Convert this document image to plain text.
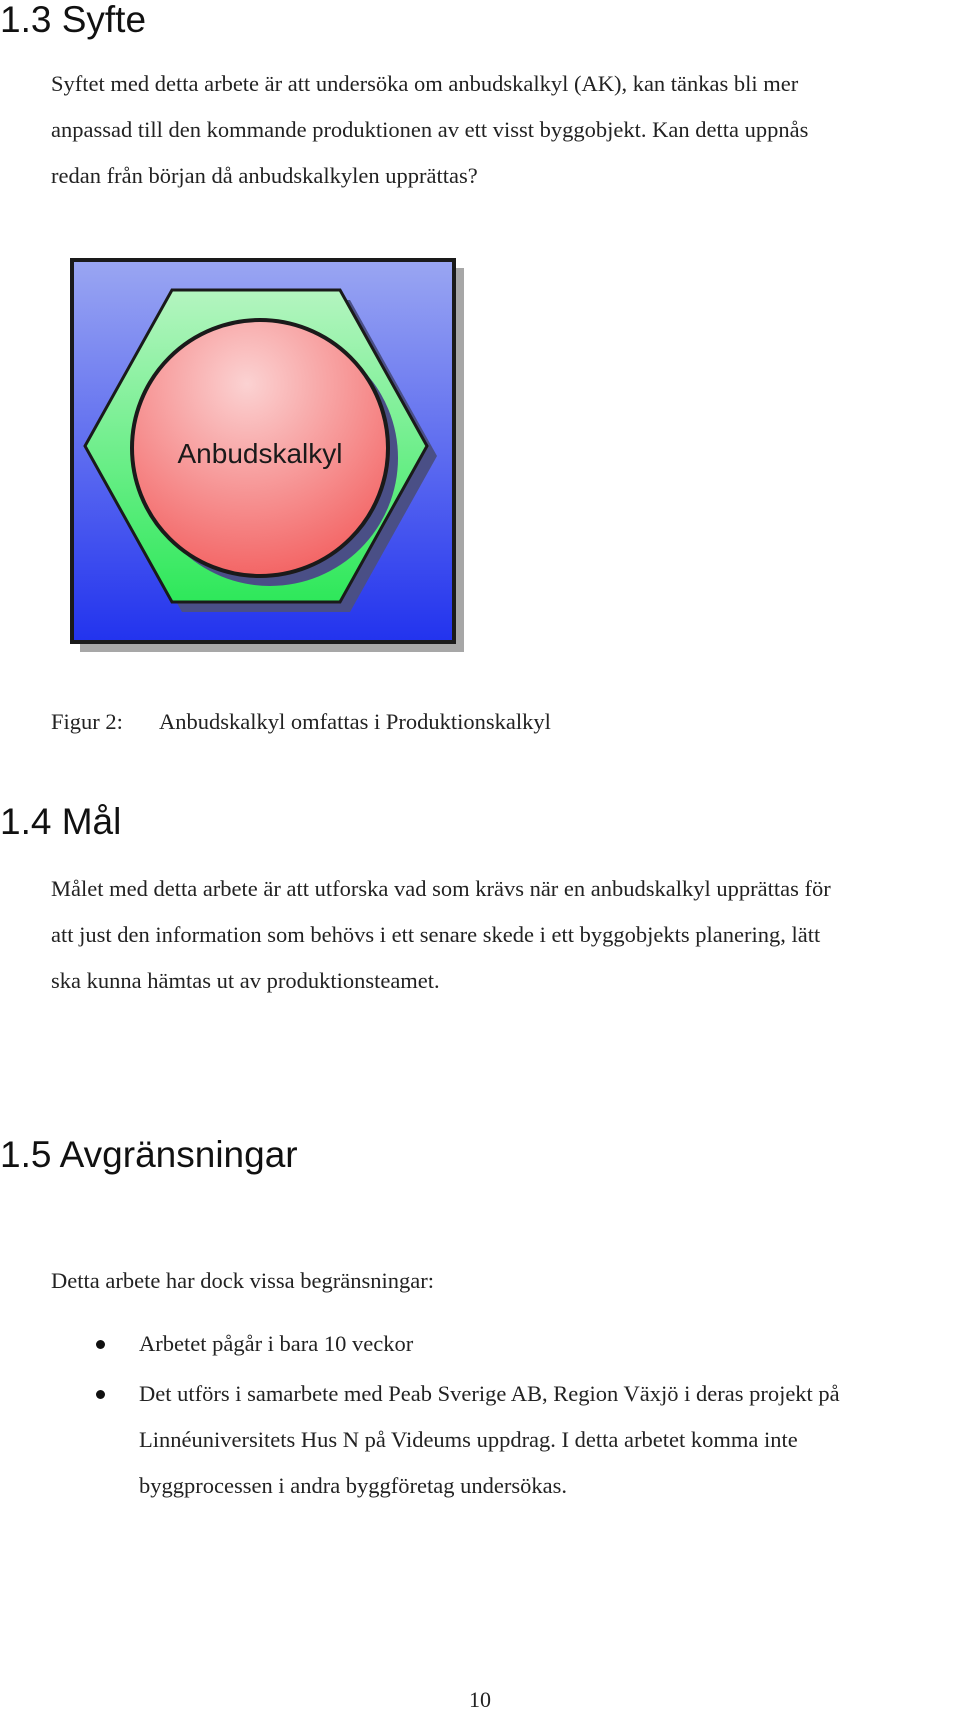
1.3 Syfte
Syftet med detta arbete är att undersöka om anbudskalkyl (AK), kan tänkas bli mer
anpassad till den kommande produktionen av ett visst byggobjekt. Kan detta uppnås
redan från början då anbudskalkylen upprättas?
Anbudskalkyl
Figur 2: Anbudskalkyl omfattas i Produktionskalkyl
1.4 Mål
Målet med detta arbete är att utforska vad som krävs när en anbudskalkyl upprättas för
att just den information som behövs i ett senare skede i ett byggobjekts planering, lätt
ska kunna hämtas ut av produktionsteamet.
1.5 Avgränsningar
Detta arbete har dock vissa begränsningar:
Arbetet pågår i bara 10 veckor
Det utförs i samarbete med Peab Sverige AB, Region Växjö i deras projekt på
Linnéuniversitets Hus N på Videums uppdrag. I detta arbetet komma inte
byggprocessen i andra byggföretag undersökas.
10
